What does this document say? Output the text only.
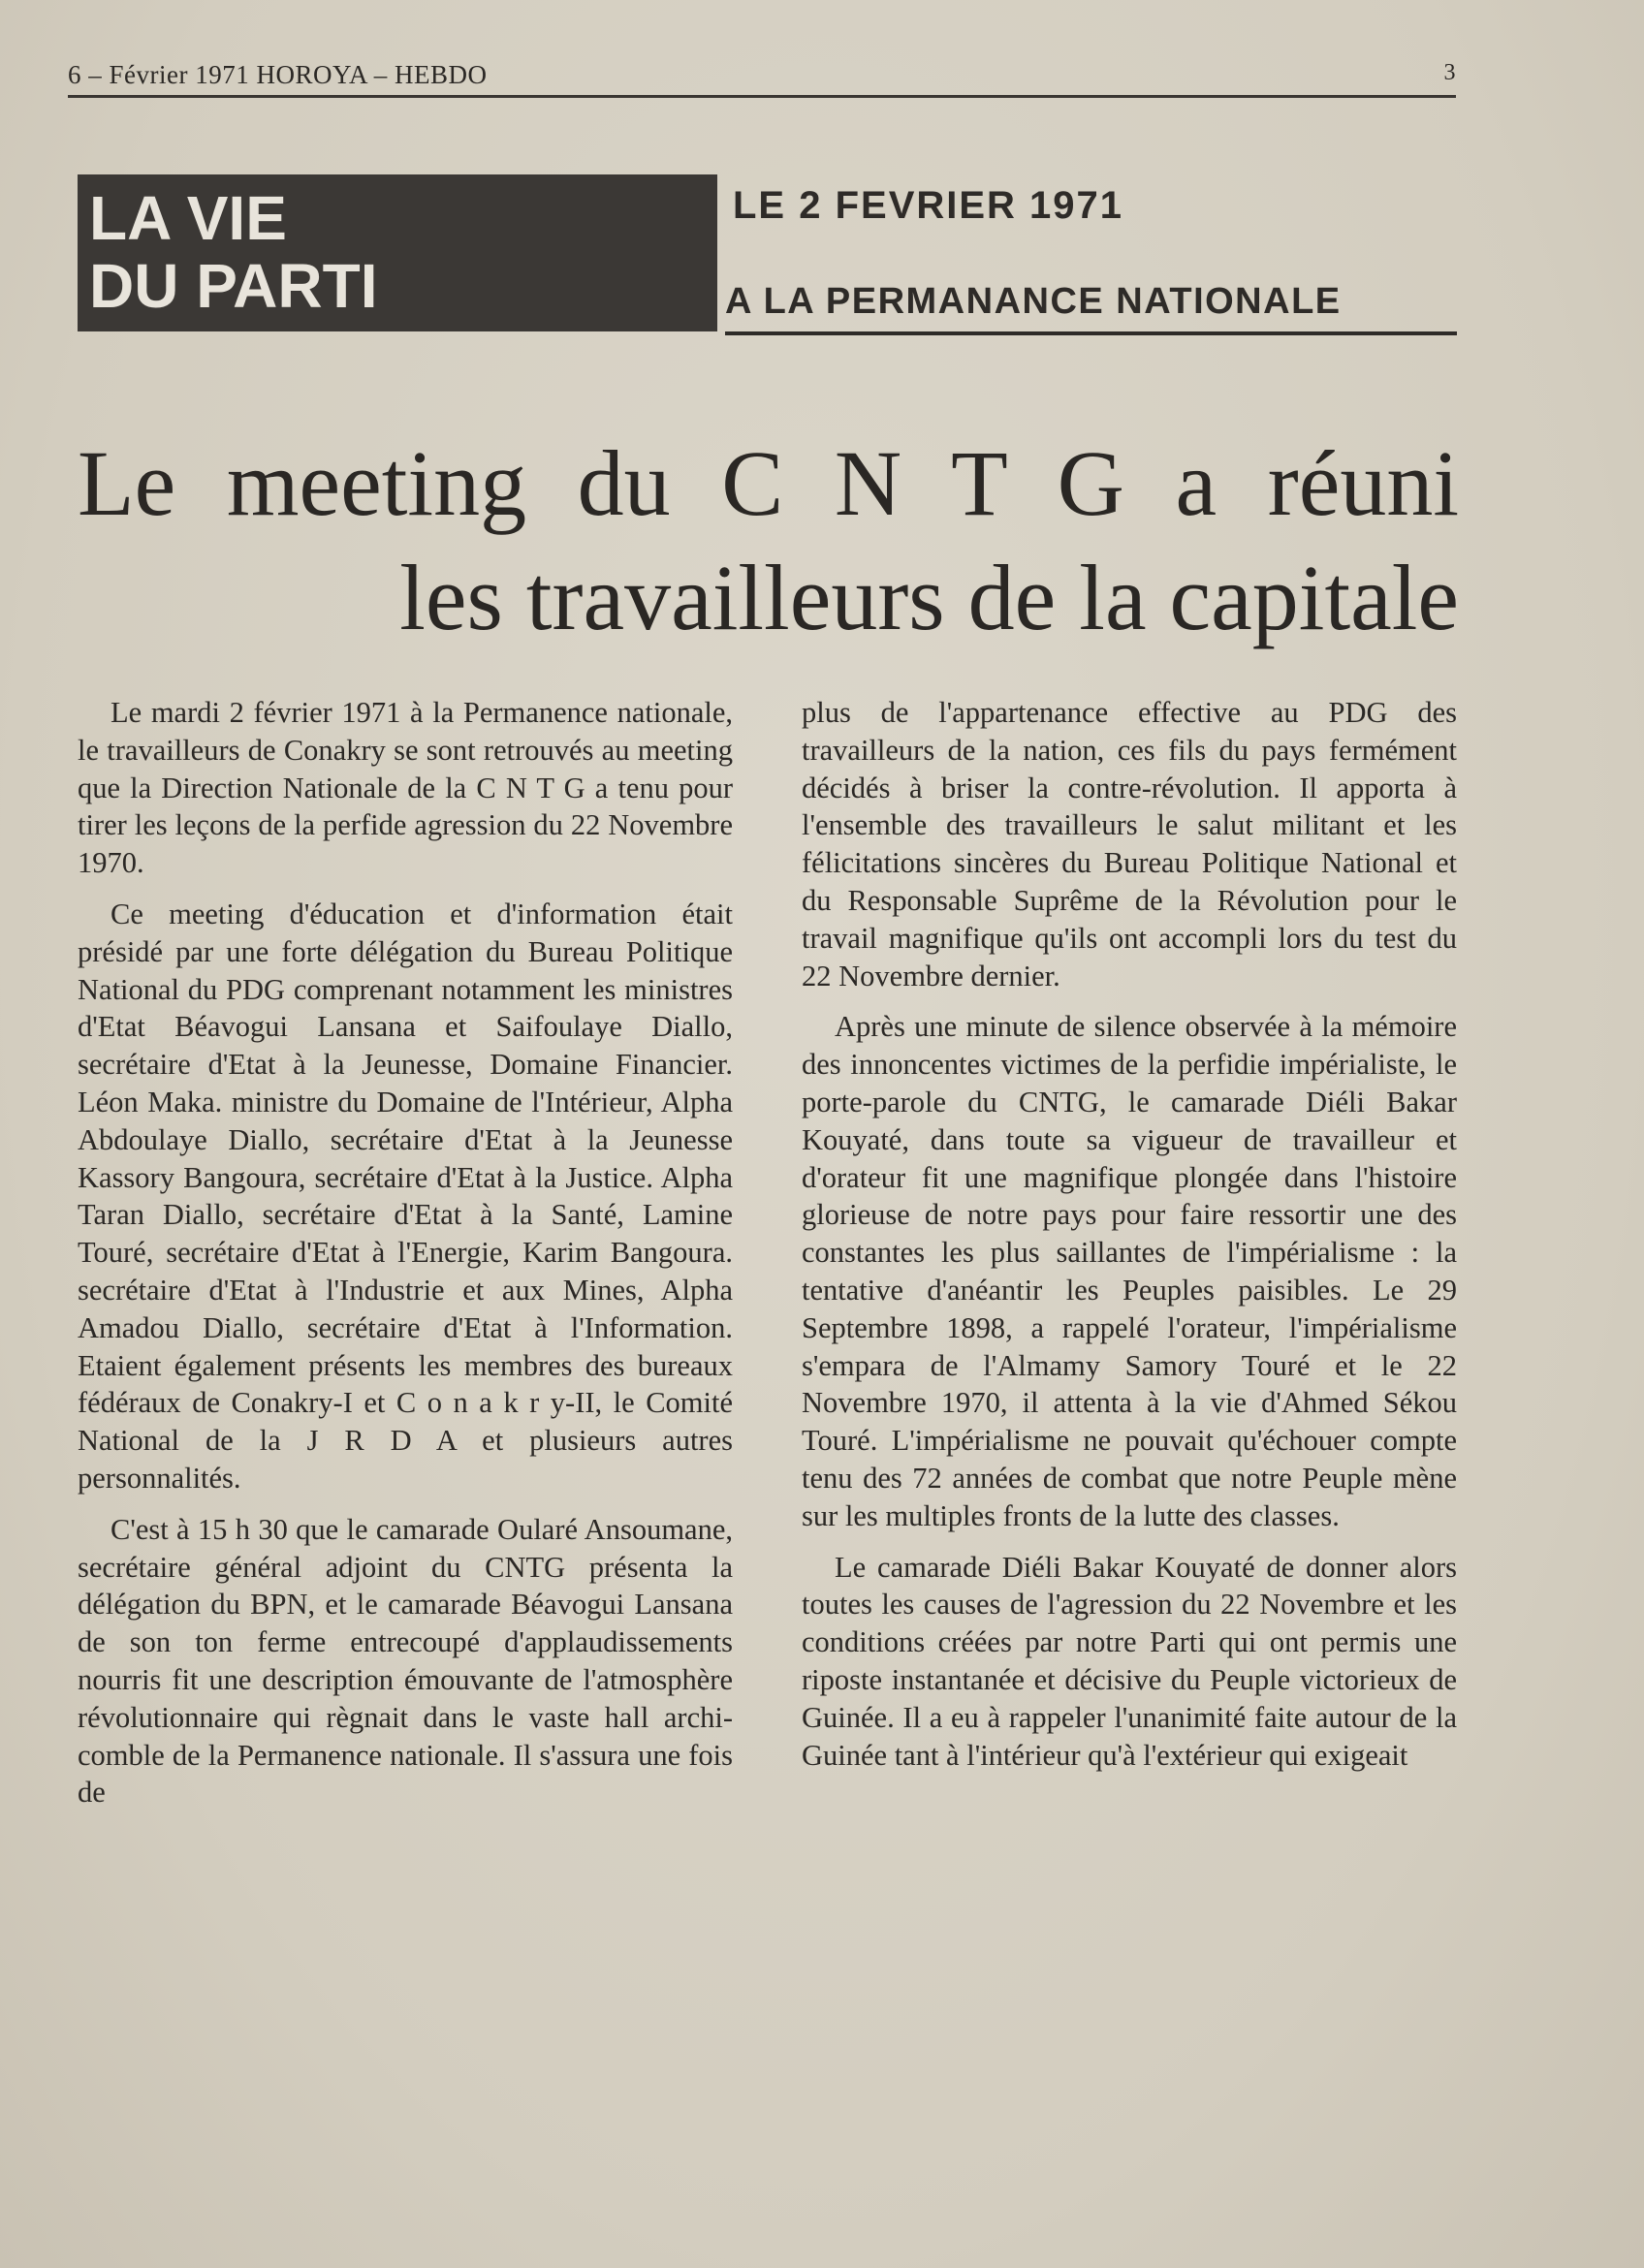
6 – Février 1971 HOROYA – HEBDO	3
LA VIE
DU PARTI
LE 2 FEVRIER 1971
A LA PERMANANCE NATIONALE
Le meeting du C N T G a réuni
les travailleurs de la capitale

Le mardi 2 février 1971 à la Permanence nationale, le travailleurs de Conakry se sont retrouvés au meeting que la Direction Nationale de la C N T G a tenu pour tirer les leçons de la perfide agression du 22 Novembre 1970.

Ce meeting d'éducation et d'information était présidé par une forte délégation du Bureau Politique National du PDG comprenant notamment les ministres d'Etat Béavogui Lansana et Saifoulaye Diallo, secrétaire d'Etat à la Jeunesse, Domaine Financier. Léon Maka. ministre du Domaine de l'Intérieur, Alpha Abdoulaye Diallo, secrétaire d'Etat à la Jeunesse Kassory Bangoura, secrétaire d'Etat à la Justice. Alpha Taran Diallo, secrétaire d'Etat à la Santé, Lamine Touré, secrétaire d'Etat à l'Energie, Karim Bangoura. secrétaire d'Etat à l'Industrie et aux Mines, Alpha Amadou Diallo, secrétaire d'Etat à l'Information. Etaient également présents les membres des bureaux fédéraux de Conakry-I et C o n a k r y-II, le Comité National de la J R D A et plusieurs autres personnalités.

C'est à 15 h 30 que le camarade Oularé Ansoumane, secrétaire général adjoint du CNTG présenta la délégation du BPN, et le camarade Béavogui Lansana de son ton ferme entrecoupé d'applaudissements nourris fit une description émouvante de l'atmosphère révolutionnaire qui règnait dans le vaste hall archi-comble de la Permanence nationale. Il s'assura une fois de

plus de l'appartenance effective au PDG des travailleurs de la nation, ces fils du pays fermément décidés à briser la contre-révolution. Il apporta à l'ensemble des travailleurs le salut militant et les félicitations sincères du Bureau Politique National et du Responsable Suprême de la Révolution pour le travail magnifique qu'ils ont accompli lors du test du 22 Novembre dernier.

Après une minute de silence observée à la mémoire des innoncentes victimes de la perfidie impérialiste, le porte-parole du CNTG, le camarade Diéli Bakar Kouyaté, dans toute sa vigueur de travailleur et d'orateur fit une magnifique plongée dans l'histoire glorieuse de notre pays pour faire ressortir une des constantes les plus saillantes de l'impérialisme : la tentative d'anéantir les Peuples paisibles. Le 29 Septembre 1898, a rappelé l'orateur, l'impérialisme s'empara de l'Almamy Samory Touré et le 22 Novembre 1970, il attenta à la vie d'Ahmed Sékou Touré. L'impérialisme ne pouvait qu'échouer compte tenu des 72 années de combat que notre Peuple mène sur les multiples fronts de la lutte des classes.

Le camarade Diéli Bakar Kouyaté de donner alors toutes les causes de l'agression du 22 Novembre et les conditions créées par notre Parti qui ont permis une riposte instantanée et décisive du Peuple victorieux de Guinée. Il a eu à rappeler l'unanimité faite autour de la Guinée tant à l'intérieur qu'à l'extérieur qui exigeait
